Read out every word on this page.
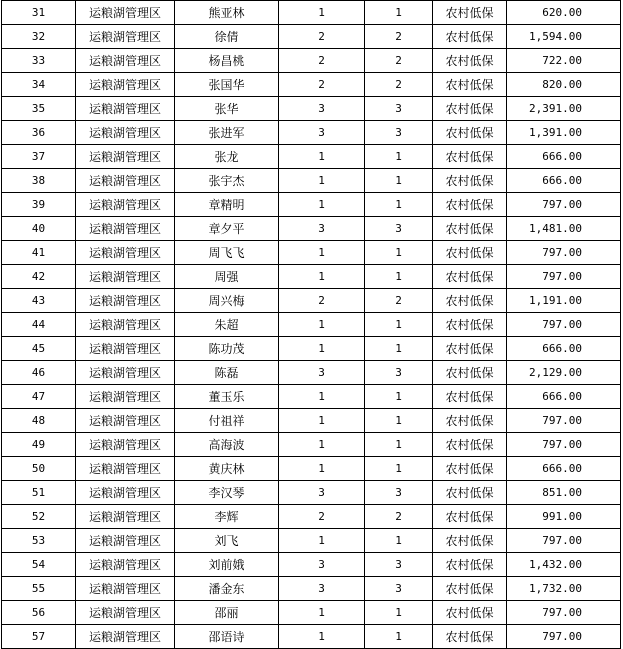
31	运粮湖管理区	熊亚林	1	1	农村低保	620.00
32	运粮湖管理区	徐倩	2	2	农村低保	1,594.00
33	运粮湖管理区	杨昌桃	2	2	农村低保	722.00
34	运粮湖管理区	张国华	2	2	农村低保	820.00
35	运粮湖管理区	张华	3	3	农村低保	2,391.00
36	运粮湖管理区	张进军	3	3	农村低保	1,391.00
37	运粮湖管理区	张龙	1	1	农村低保	666.00
38	运粮湖管理区	张宇杰	1	1	农村低保	666.00
39	运粮湖管理区	章精明	1	1	农村低保	797.00
40	运粮湖管理区	章夕平	3	3	农村低保	1,481.00
41	运粮湖管理区	周飞飞	1	1	农村低保	797.00
42	运粮湖管理区	周强	1	1	农村低保	797.00
43	运粮湖管理区	周兴梅	2	2	农村低保	1,191.00
44	运粮湖管理区	朱超	1	1	农村低保	797.00
45	运粮湖管理区	陈功茂	1	1	农村低保	666.00
46	运粮湖管理区	陈磊	3	3	农村低保	2,129.00
47	运粮湖管理区	董玉乐	1	1	农村低保	666.00
48	运粮湖管理区	付祖祥	1	1	农村低保	797.00
49	运粮湖管理区	高海波	1	1	农村低保	797.00
50	运粮湖管理区	黄庆林	1	1	农村低保	666.00
51	运粮湖管理区	李汉琴	3	3	农村低保	851.00
52	运粮湖管理区	李辉	2	2	农村低保	991.00
53	运粮湖管理区	刘飞	1	1	农村低保	797.00
54	运粮湖管理区	刘前娥	3	3	农村低保	1,432.00
55	运粮湖管理区	潘金东	3	3	农村低保	1,732.00
56	运粮湖管理区	邵丽	1	1	农村低保	797.00
57	运粮湖管理区	邵语诗	1	1	农村低保	797.00
